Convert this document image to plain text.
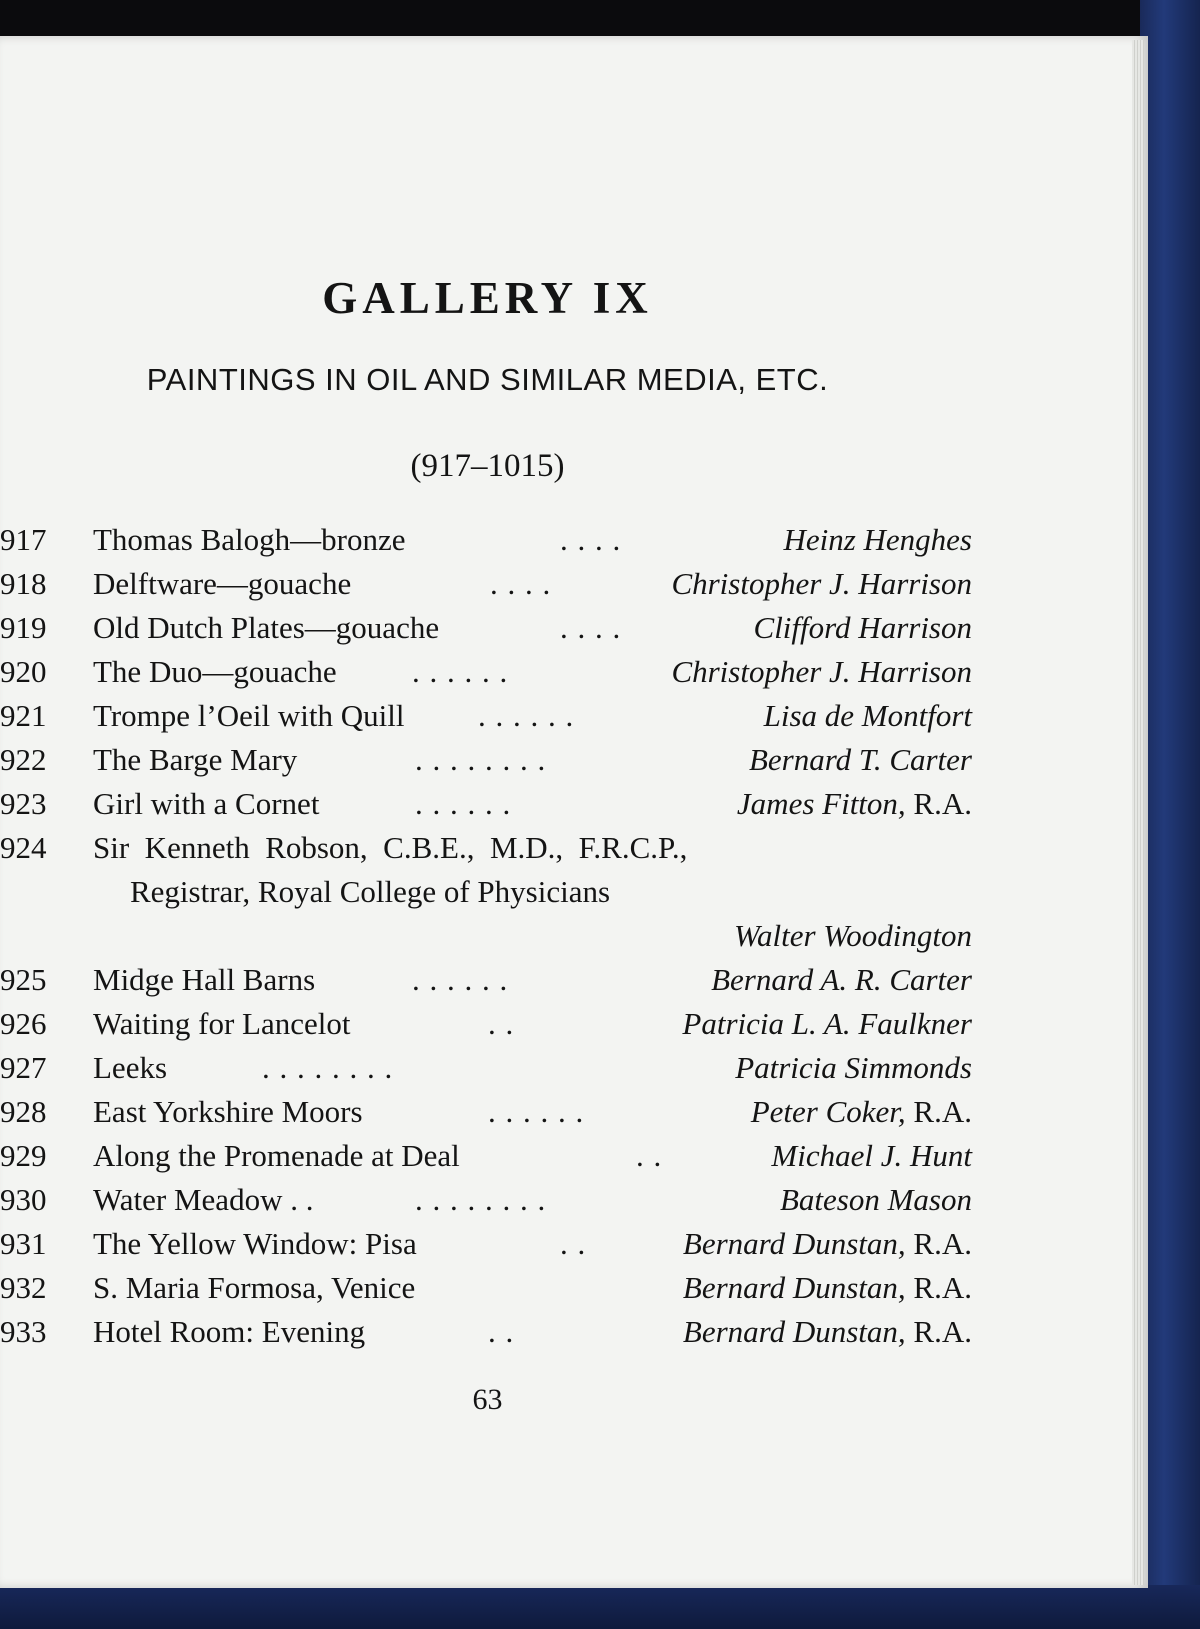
GALLERY IX
PAINTINGS IN OIL AND SIMILAR MEDIA, ETC.
(917–1015)
917 Thomas Balogh—bronze	. . . .	Heinz Henghes
918 Delftware—gouache	. . . .	Christopher J. Harrison
919 Old Dutch Plates—gouache	. . . .	Clifford Harrison
920 The Duo—gouache . . . . . .	Christopher J. Harrison
921 Trompe l’Oeil with Quill . . . . . .	Lisa de Montfort
922 The Barge Mary	. . . . . . . .	Bernard T. Carter
923 Girl with a Cornet	. . . . . .	James Fitton, R.A.
924 Sir  Kenneth  Robson,  C.B.E.,  M.D.,  F.R.C.P.,
Registrar, Royal College of Physicians
Walter Woodington
925 Midge Hall Barns	. . . . . .	Bernard A. R. Carter
926 Waiting for Lancelot	. .	Patricia L. A. Faulkner
927 Leeks	. . . . . . . .	Patricia Simmonds
928 East Yorkshire Moors	. . . . . .	Peter Coker, R.A.
929 Along the Promenade at Deal	. .	Michael J. Hunt
930 Water Meadow . .	. . . . . . . .	Bateson Mason
931 The Yellow Window: Pisa	. .	Bernard Dunstan, R.A.
932 S. Maria Formosa, Venice	Bernard Dunstan, R.A.
933 Hotel Room: Evening	. .	Bernard Dunstan, R.A.
63
